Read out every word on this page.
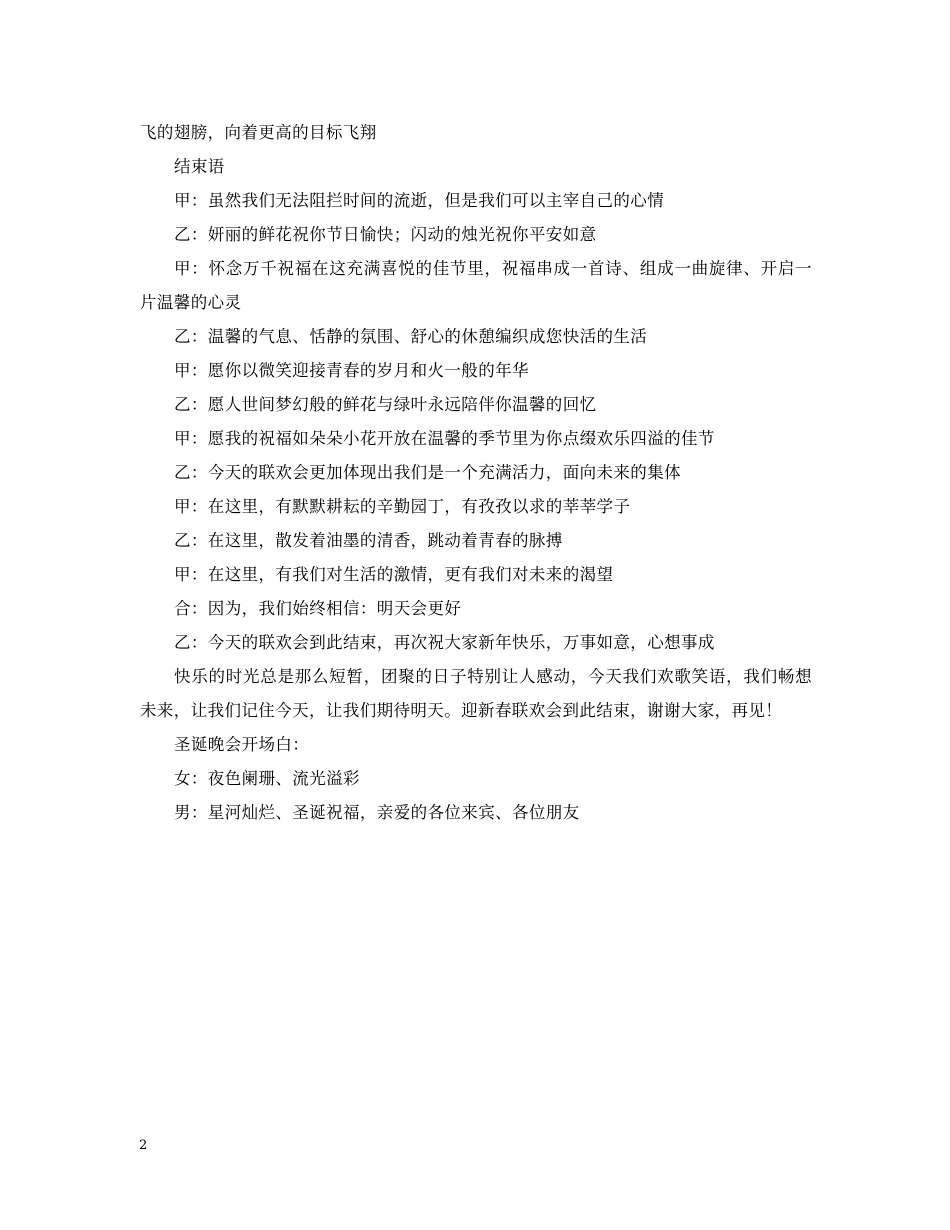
飞的翅膀，向着更高的目标飞翔

结束语

甲：虽然我们无法阻拦时间的流逝，但是我们可以主宰自己的心情

乙：妍丽的鲜花祝你节日愉快；闪动的烛光祝你平安如意

甲：怀念万千祝福在这充满喜悦的佳节里，祝福串成一首诗、组成一曲旋律、开启一片温馨的心灵

乙：温馨的气息、恬静的氛围、舒心的休憩编织成您快活的生活

甲：愿你以微笑迎接青春的岁月和火一般的年华

乙：愿人世间梦幻般的鲜花与绿叶永远陪伴你温馨的回忆

甲：愿我的祝福如朵朵小花开放在温馨的季节里为你点缀欢乐四溢的佳节

乙：今天的联欢会更加体现出我们是一个充满活力，面向未来的集体

甲：在这里，有默默耕耘的辛勤园丁，有孜孜以求的莘莘学子

乙：在这里，散发着油墨的清香，跳动着青春的脉搏

甲：在这里，有我们对生活的激情，更有我们对未来的渴望

合：因为，我们始终相信：明天会更好

乙：今天的联欢会到此结束，再次祝大家新年快乐，万事如意，心想事成

快乐的时光总是那么短暂，团聚的日子特别让人感动，今天我们欢歌笑语，我们畅想未来，让我们记住今天，让我们期待明天。迎新春联欢会到此结束，谢谢大家，再见！

圣诞晚会开场白：

女：夜色阑珊、流光溢彩

男：星河灿烂、圣诞祝福，亲爱的各位来宾、各位朋友

2
